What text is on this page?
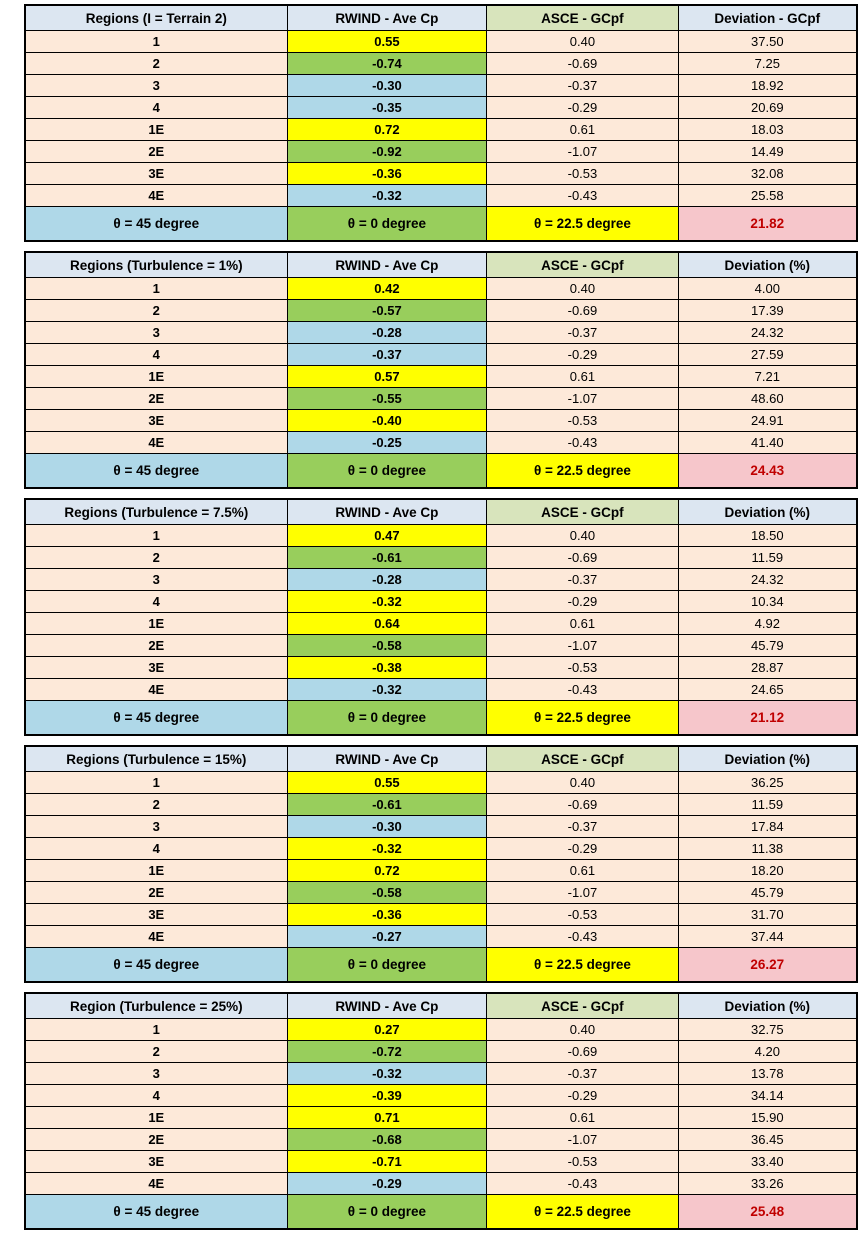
Regions (I = Terrain 2)	RWIND - Ave Cp	ASCE - GCpf	Deviation - GCpf
1	0.55	0.40	37.50
2	-0.74	-0.69	7.25
3	-0.30	-0.37	18.92
4	-0.35	-0.29	20.69
1E	0.72	0.61	18.03
2E	-0.92	-1.07	14.49
3E	-0.36	-0.53	32.08
4E	-0.32	-0.43	25.58
θ = 45 degree	θ = 0 degree	θ = 22.5 degree	21.82
Regions (Turbulence = 1%)	RWIND - Ave Cp	ASCE - GCpf	Deviation (%)
1	0.42	0.40	4.00
2	-0.57	-0.69	17.39
3	-0.28	-0.37	24.32
4	-0.37	-0.29	27.59
1E	0.57	0.61	7.21
2E	-0.55	-1.07	48.60
3E	-0.40	-0.53	24.91
4E	-0.25	-0.43	41.40
θ = 45 degree	θ = 0 degree	θ = 22.5 degree	24.43
Regions (Turbulence = 7.5%)	RWIND - Ave Cp	ASCE - GCpf	Deviation (%)
1	0.47	0.40	18.50
2	-0.61	-0.69	11.59
3	-0.28	-0.37	24.32
4	-0.32	-0.29	10.34
1E	0.64	0.61	4.92
2E	-0.58	-1.07	45.79
3E	-0.38	-0.53	28.87
4E	-0.32	-0.43	24.65
θ = 45 degree	θ = 0 degree	θ = 22.5 degree	21.12
Regions (Turbulence = 15%)	RWIND - Ave Cp	ASCE - GCpf	Deviation (%)
1	0.55	0.40	36.25
2	-0.61	-0.69	11.59
3	-0.30	-0.37	17.84
4	-0.32	-0.29	11.38
1E	0.72	0.61	18.20
2E	-0.58	-1.07	45.79
3E	-0.36	-0.53	31.70
4E	-0.27	-0.43	37.44
θ = 45 degree	θ = 0 degree	θ = 22.5 degree	26.27
Region (Turbulence = 25%)	RWIND - Ave Cp	ASCE - GCpf	Deviation (%)
1	0.27	0.40	32.75
2	-0.72	-0.69	4.20
3	-0.32	-0.37	13.78
4	-0.39	-0.29	34.14
1E	0.71	0.61	15.90
2E	-0.68	-1.07	36.45
3E	-0.71	-0.53	33.40
4E	-0.29	-0.43	33.26
θ = 45 degree	θ = 0 degree	θ = 22.5 degree	25.48
